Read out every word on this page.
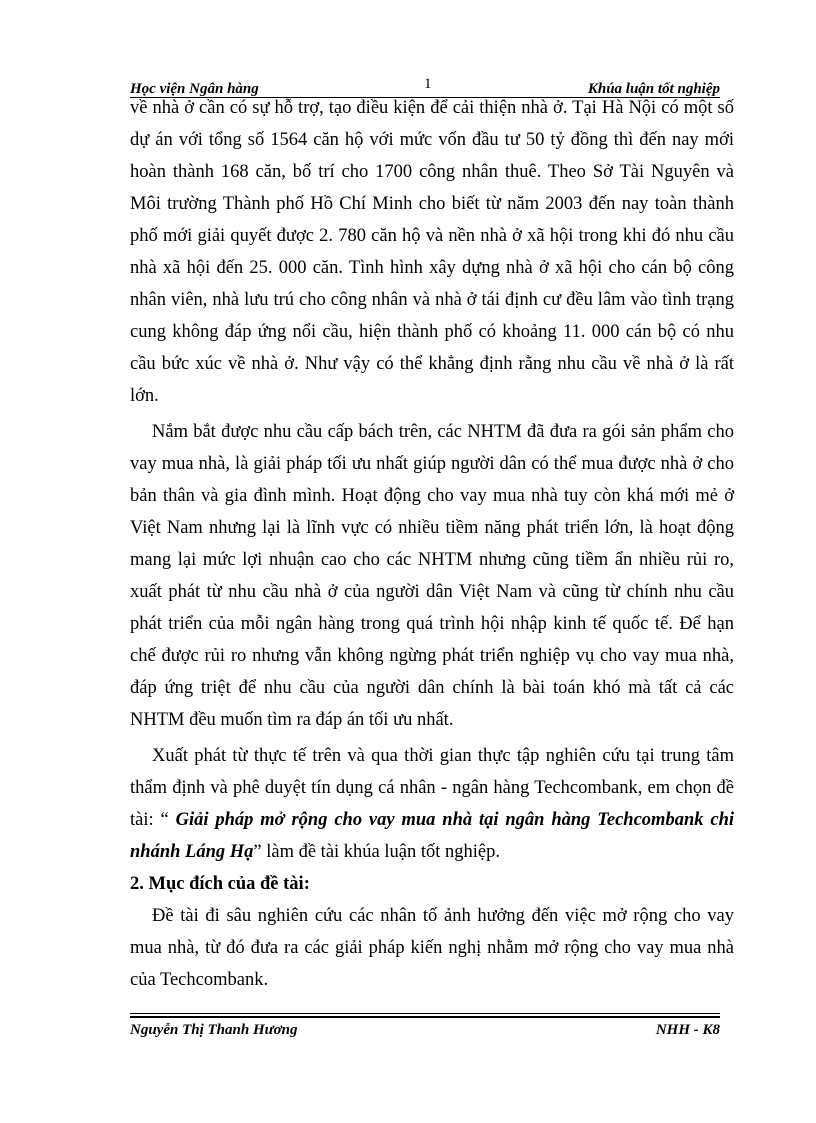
Học viện Ngân hàng	1	Khúa luận tốt nghiệp

về nhà ở cần có sự hỗ trợ, tạo điều kiện để cải thiện nhà ở. Tại Hà Nội có một số dự án với tổng số 1564 căn hộ với mức vốn đầu tư 50 tỷ đồng thì đến nay mới hoàn thành 168 căn, bố trí cho 1700 công nhân thuê. Theo Sở Tài Nguyên và Môi trường Thành phố Hồ Chí Minh cho biết từ năm 2003 đến nay toàn thành phố mới giải quyết được 2. 780 căn hộ và nền nhà ở xã hội trong khi đó nhu cầu nhà xã hội đến 25. 000 căn. Tình hình xây dựng nhà ở xã hội cho cán bộ công nhân viên, nhà lưu trú cho công nhân và nhà ở tái định cư đều lâm vào tình trạng cung không đáp ứng nổi cầu, hiện thành phố có khoảng 11. 000 cán bộ có nhu cầu bức xúc về nhà ở. Như vậy có thể khẳng định rằng nhu cầu về nhà ở là rất lớn.

Nắm bắt được nhu cầu cấp bách trên, các NHTM đã đưa ra gói sản phẩm cho vay mua nhà, là giải pháp tối ưu nhất giúp người dân có thể mua được nhà ở cho bản thân và gia đình mình. Hoạt động cho vay mua nhà tuy còn khá mới mẻ ở Việt Nam nhưng lại là lĩnh vực có nhiều tiềm năng phát triển lớn, là hoạt động mang lại mức lợi nhuận cao cho các NHTM nhưng cũng tiềm ẩn nhiều rủi ro, xuất phát từ nhu cầu nhà ở của người dân Việt Nam và cũng từ chính nhu cầu phát triển của mỗi ngân hàng trong quá trình hội nhập kinh tế quốc tế. Để hạn chế được rủi ro nhưng vẫn không ngừng phát triển nghiệp vụ cho vay mua nhà, đáp ứng triệt để nhu cầu của người dân chính là bài toán khó mà tất cả các NHTM đều muốn tìm ra đáp án tối ưu nhất.

Xuất phát từ thực tế trên và qua thời gian thực tập nghiên cứu tại trung tâm thẩm định và phê duyệt tín dụng cá nhân - ngân hàng Techcombank, em chọn đề tài: “ Giải pháp mở rộng cho vay mua nhà tại ngân hàng Techcombank chi nhánh Láng Hạ” làm đề tài khúa luận tốt nghiệp.

2. Mục đích của đề tài:

Đề tài đi sâu nghiên cứu các nhân tố ảnh hưởng đến việc mở rộng cho vay mua nhà, từ đó đưa ra các giải pháp kiến nghị nhằm mở rộng cho vay mua nhà của Techcombank.

Nguyễn Thị Thanh Hương	NHH - K8
